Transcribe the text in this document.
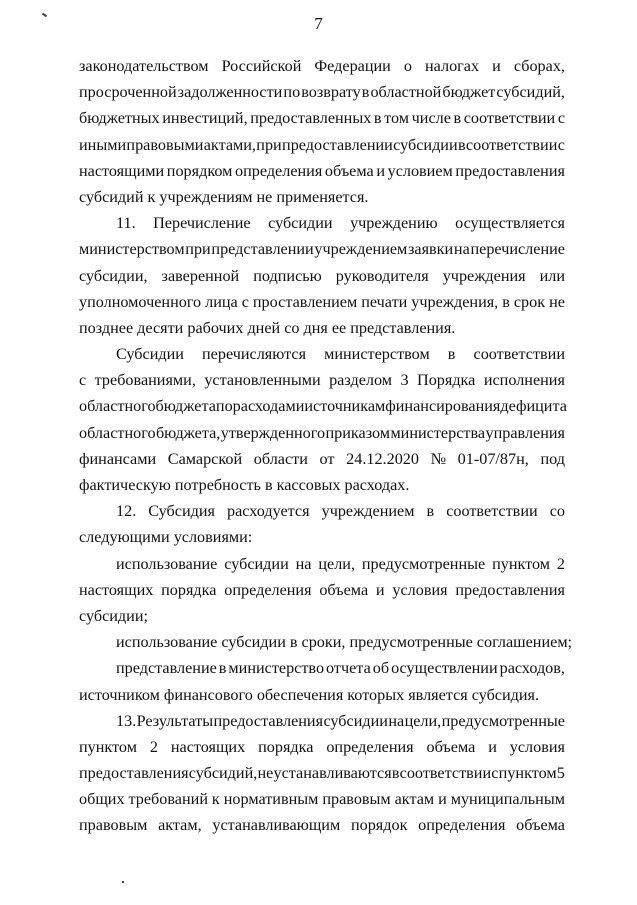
7
законодательством Российской Федерации о налогах и сборах,
просроченной задолженности по возврату в областной бюджет субсидий,
бюджетных инвестиций, предоставленных в том числе в соответствии с
иными правовыми актами, при предоставлении субсидии в соответствии с
настоящими порядком определения объема и условием предоставления
субсидий к учреждениям не применяется.
11. Перечисление субсидии учреждению осуществляется
министерством при представлении учреждением заявки на перечисление
субсидии, заверенной подписью руководителя учреждения или
уполномоченного лица с проставлением печати учреждения, в срок не
позднее десяти рабочих дней со дня ее представления.
Субсидии перечисляются министерством в соответствии
с требованиями, установленными разделом 3 Порядка исполнения
областного бюджета по расходам и источникам финансирования дефицита
областного бюджета, утвержденного приказом министерства управления
финансами Самарской области от 24.12.2020 № 01-07/87н, под
фактическую потребность в кассовых расходах.
12. Субсидия расходуется учреждением в соответствии со
следующими условиями:
использование субсидии на цели, предусмотренные пунктом 2
настоящих порядка определения объема и условия предоставления
субсидии;
использование субсидии в сроки, предусмотренные соглашением;
представление в министерство отчета об осуществлении расходов,
источником финансового обеспечения которых является субсидия.
13. Результаты предоставления субсидии на цели, предусмотренные
пунктом 2 настоящих порядка определения объема и условия
предоставления субсидий, не устанавливаются в соответствии с пунктом 5
общих требований к нормативным правовым актам и муниципальным
правовым актам, устанавливающим порядок определения объема
